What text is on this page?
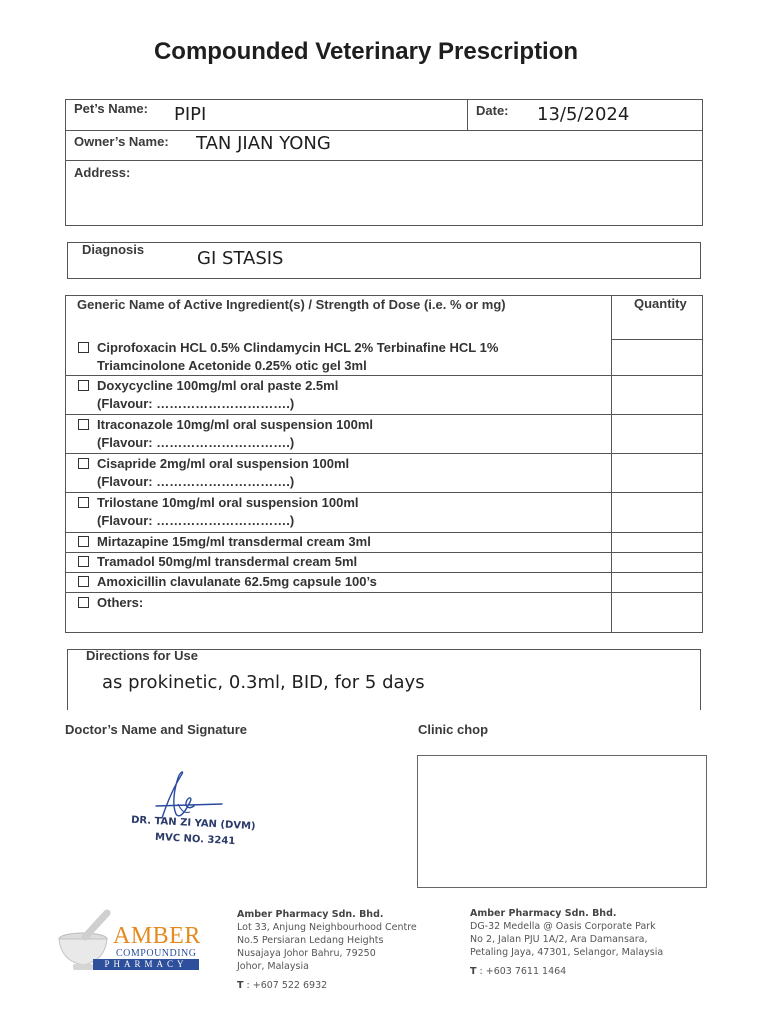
Compounded Veterinary Prescription
Pet’s Name: PIPI	Date: 13/5/2024
Owner’s Name: TAN JIAN YONG
Address:
Diagnosis	GI STASIS
Generic Name of Active Ingredient(s) / Strength of Dose (i.e. % or mg)	Quantity
Ciprofoxacin HCL 0.5% Clindamycin HCL 2% Terbinafine HCL 1%
Triamcinolone Acetonide 0.25% otic gel 3ml
Doxycycline 100mg/ml oral paste 2.5ml
(Flavour: ………………………….)
Itraconazole 10mg/ml oral suspension 100ml
(Flavour: ………………………….)
Cisapride 2mg/ml oral suspension 100ml
(Flavour: ………………………….)
Trilostane 10mg/ml oral suspension 100ml
(Flavour: ………………………….)
Mirtazapine 15mg/ml transdermal cream 3ml
Tramadol 50mg/ml transdermal cream 5ml
Amoxicillin clavulanate 62.5mg capsule 100’s
Others:
Directions for Use
as prokinetic, 0.3ml, BID, for 5 days
Doctor’s Name and Signature	Clinic chop
DR. TAN ZI YAN (DVM)
MVC NO. 3241
AMBER
COMPOUNDING
PHARMACY
Amber Pharmacy Sdn. Bhd.
Lot 33, Anjung Neighbourhood Centre
No.5 Persiaran Ledang Heights
Nusajaya Johor Bahru, 79250
Johor, Malaysia

T : +607 522 6932
Amber Pharmacy Sdn. Bhd.
DG-32 Medella @ Oasis Corporate Park
No 2, Jalan PJU 1A/2, Ara Damansara,
Petaling Jaya, 47301, Selangor, Malaysia

T : +603 7611 1464
